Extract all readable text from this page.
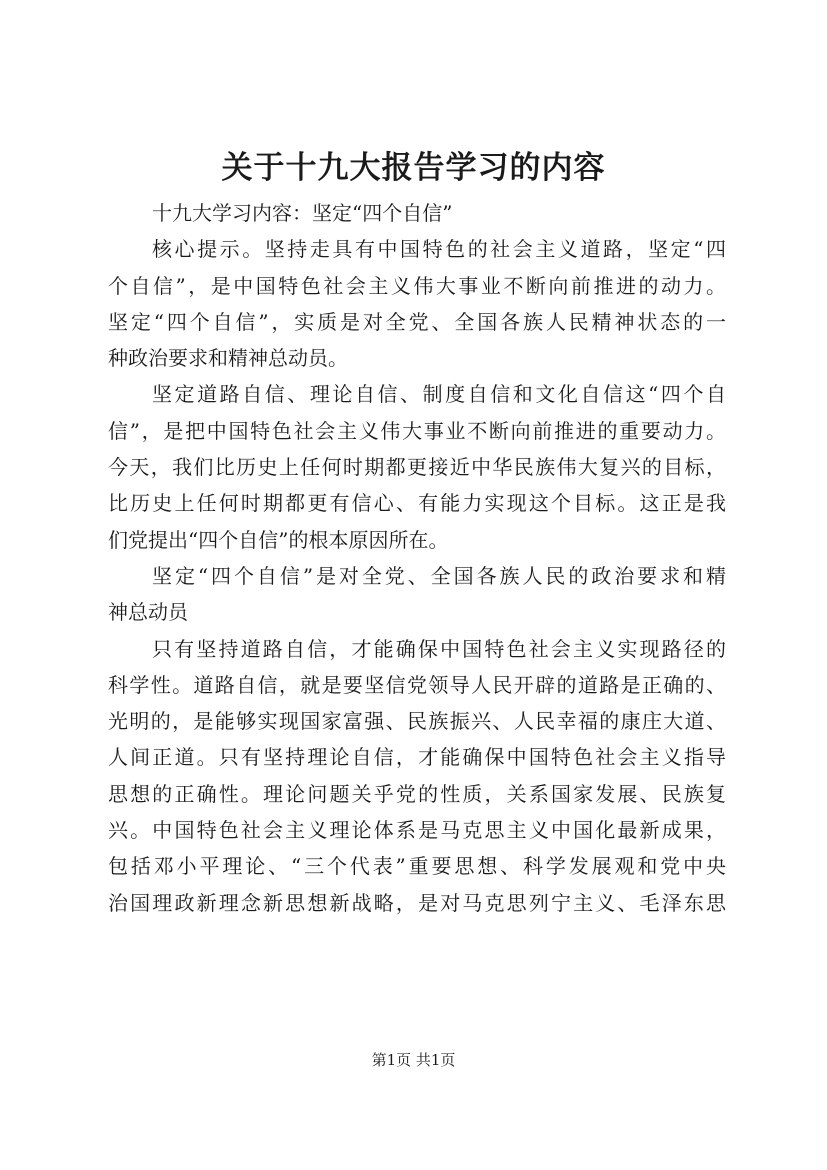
关于十九大报告学习的内容
十九大学习内容：坚定“四个自信”
核心提示。坚持走具有中国特色的社会主义道路，坚定“四
个自信”，是中国特色社会主义伟大事业不断向前推进的动力。
坚定“四个自信”，实质是对全党、全国各族人民精神状态的一
种政治要求和精神总动员。
坚定道路自信、理论自信、制度自信和文化自信这“四个自
信”，是把中国特色社会主义伟大事业不断向前推进的重要动力。
今天，我们比历史上任何时期都更接近中华民族伟大复兴的目标，
比历史上任何时期都更有信心、有能力实现这个目标。这正是我
们党提出“四个自信”的根本原因所在。
坚定“四个自信”是对全党、全国各族人民的政治要求和精
神总动员
只有坚持道路自信，才能确保中国特色社会主义实现路径的
科学性。道路自信，就是要坚信党领导人民开辟的道路是正确的、
光明的，是能够实现国家富强、民族振兴、人民幸福的康庄大道、
人间正道。只有坚持理论自信，才能确保中国特色社会主义指导
思想的正确性。理论问题关乎党的性质，关系国家发展、民族复
兴。中国特色社会主义理论体系是马克思主义中国化最新成果，
包括邓小平理论、“三个代表”重要思想、科学发展观和党中央
治国理政新理念新思想新战略，是对马克思列宁主义、毛泽东思
第1页 共1页
